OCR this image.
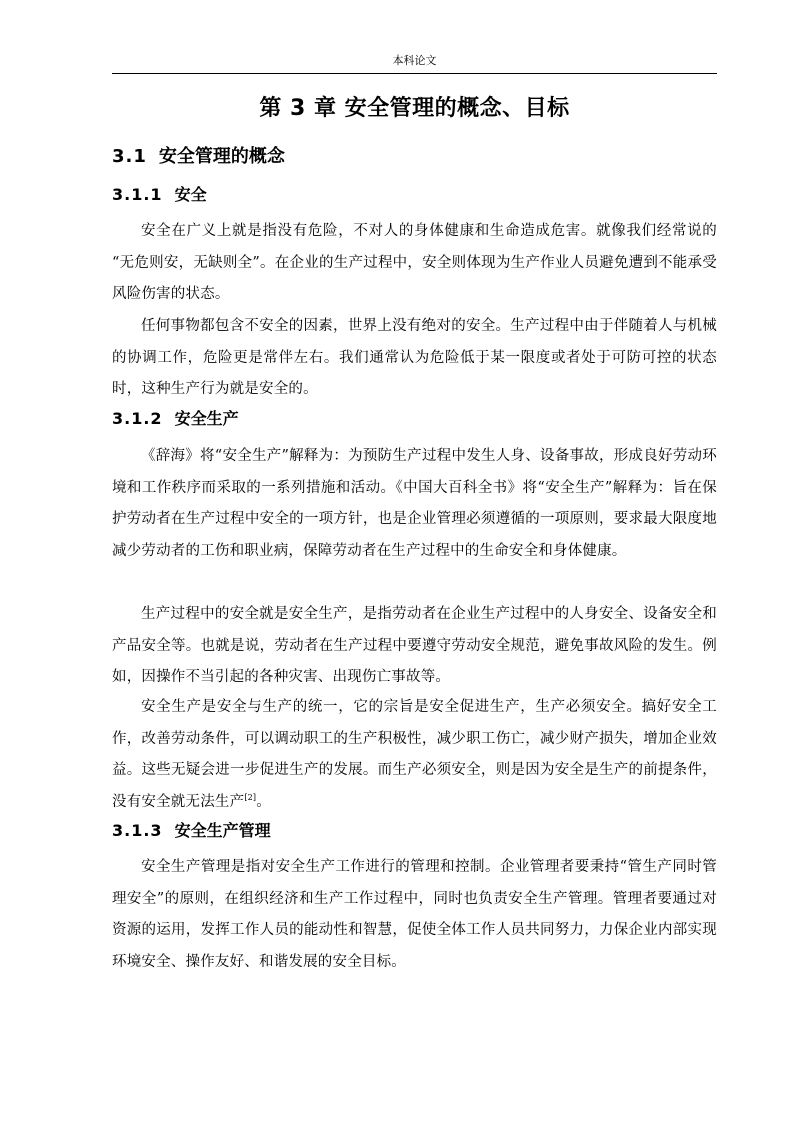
本科论文
第 3 章 安全管理的概念、目标
3.1 安全管理的概念
3.1.1 安全
安全在广义上就是指没有危险，不对人的身体健康和生命造成危害。就像我们经常说的 “无危则安，无缺则全”。在企业的生产过程中，安全则体现为生产作业人员避免遭到不能承受风险伤害的状态。
任何事物都包含不安全的因素，世界上没有绝对的安全。生产过程中由于伴随着人与机械的协调工作，危险更是常伴左右。我们通常认为危险低于某一限度或者处于可防可控的状态时，这种生产行为就是安全的。
3.1.2 安全生产
《辞海》将“安全生产”解释为：为预防生产过程中发生人身、设备事故，形成良好劳动环境和工作秩序而采取的一系列措施和活动。《中国大百科全书》将“安全生产”解释为：旨在保护劳动者在生产过程中安全的一项方针，也是企业管理必须遵循的一项原则，要求最大限度地减少劳动者的工伤和职业病，保障劳动者在生产过程中的生命安全和身体健康。
生产过程中的安全就是安全生产，是指劳动者在企业生产过程中的人身安全、设备安全和产品安全等。也就是说，劳动者在生产过程中要遵守劳动安全规范，避免事故风险的发生。例如，因操作不当引起的各种灾害、出现伤亡事故等。
安全生产是安全与生产的统一，它的宗旨是安全促进生产，生产必须安全。搞好安全工作，改善劳动条件，可以调动职工的生产积极性，减少职工伤亡，减少财产损失，增加企业效益。这些无疑会进一步促进生产的发展。而生产必须安全，则是因为安全是生产的前提条件，没有安全就无法生产[2]。
3.1.3 安全生产管理
安全生产管理是指对安全生产工作进行的管理和控制。企业管理者要秉持“管生产同时管理安全”的原则，在组织经济和生产工作过程中，同时也负责安全生产管理。管理者要通过对资源的运用，发挥工作人员的能动性和智慧，促使全体工作人员共同努力，力保企业内部实现环境安全、操作友好、和谐发展的安全目标。
